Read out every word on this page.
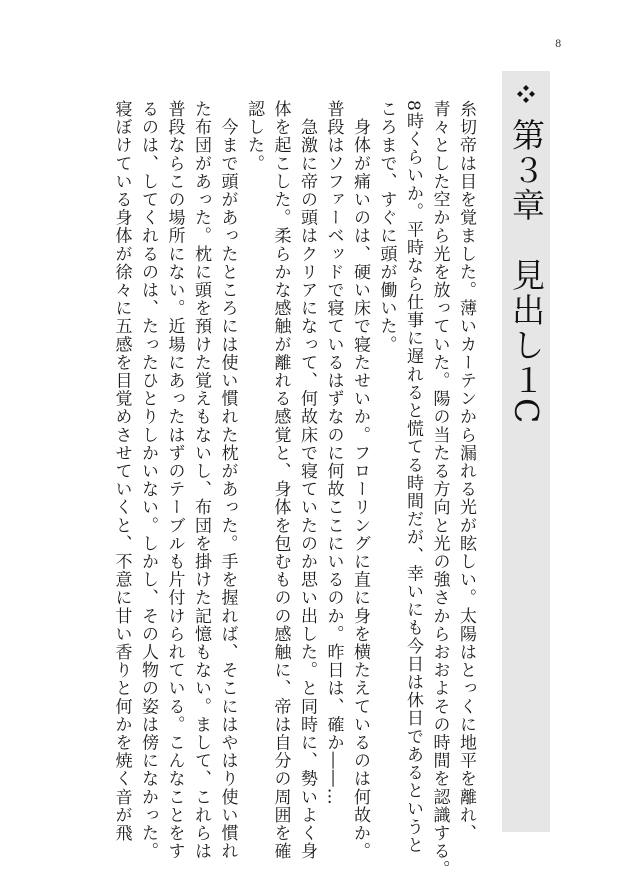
8
第３章　見出し１C
糸切帝は目を覚ました。薄いカーテンから漏れる光が眩しい。太陽はとっくに地平を離れ、
青々とした空から光を放っていた。陽の当たる方向と光の強さからおおよその時間を認識する。
8時くらいか。平時なら仕事に遅れると慌てる時間だが、幸いにも今日は休日であるというと
ころまで、すぐに頭が働いた。
　身体が痛いのは、硬い床で寝たせいか。フローリングに直に身を横たえているのは何故か。
普段はソファーベッドで寝ているはずなのに何故ここにいるのか。昨日は、確か――…
　急激に帝の頭はクリアになって、何故床で寝ていたのか思い出した。と同時に、勢いよく身
体を起こした。柔らかな感触が離れる感覚と、身体を包むものの感触に、帝は自分の周囲を確
認した。
　今まで頭があったところには使い慣れた枕があった。手を握れば、そこにはやはり使い慣れ
た布団があった。枕に頭を預けた覚えもないし、布団を掛けた記憶もない。まして、これらは
普段ならこの場所にない。近場にあったはずのテーブルも片付けられている。こんなことをす
るのは、してくれるのは、たったひとりしかいない。しかし、その人物の姿は傍になかった。
寝ぼけている身体が徐々に五感を目覚めさせていくと、不意に甘い香りと何かを焼く音が飛
